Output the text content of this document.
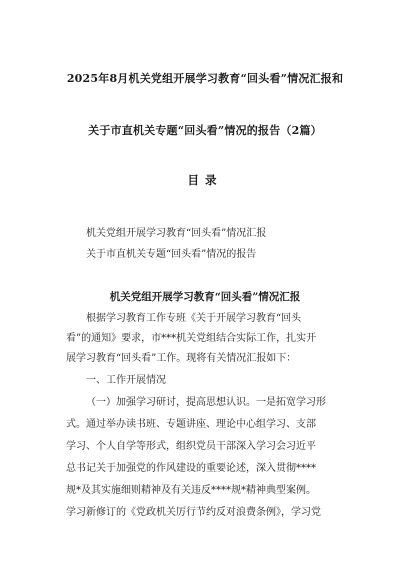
2025年8月机关党组开展学习教育“回头看”情况汇报和
关于市直机关专题“回头看”情况的报告（2篇）
目录
机关党组开展学习教育“回头看”情况汇报
关于市直机关专题“回头看”情况的报告
机关党组开展学习教育“回头看”情况汇报
根据学习教育工作专班《关于开展学习教育“回头
看”的通知》要求，市***机关党组结合实际工作，扎实开
展学习教育“回头看”工作。现将有关情况汇报如下：
一、工作开展情况
（一）加强学习研讨，提高思想认识。一是拓宽学习形
式。通过举办读书班、专题讲座、理论中心组学习、支部
学习、个人自学等形式，组织党员干部深入学习会习近平
总书记关于加强党的作风建设的重要论述，深入贯彻****
规*及其实施细则精神及有关违反****规*精神典型案例。
学习新修订的《党政机关厉行节约反对浪费条例》，学习党
